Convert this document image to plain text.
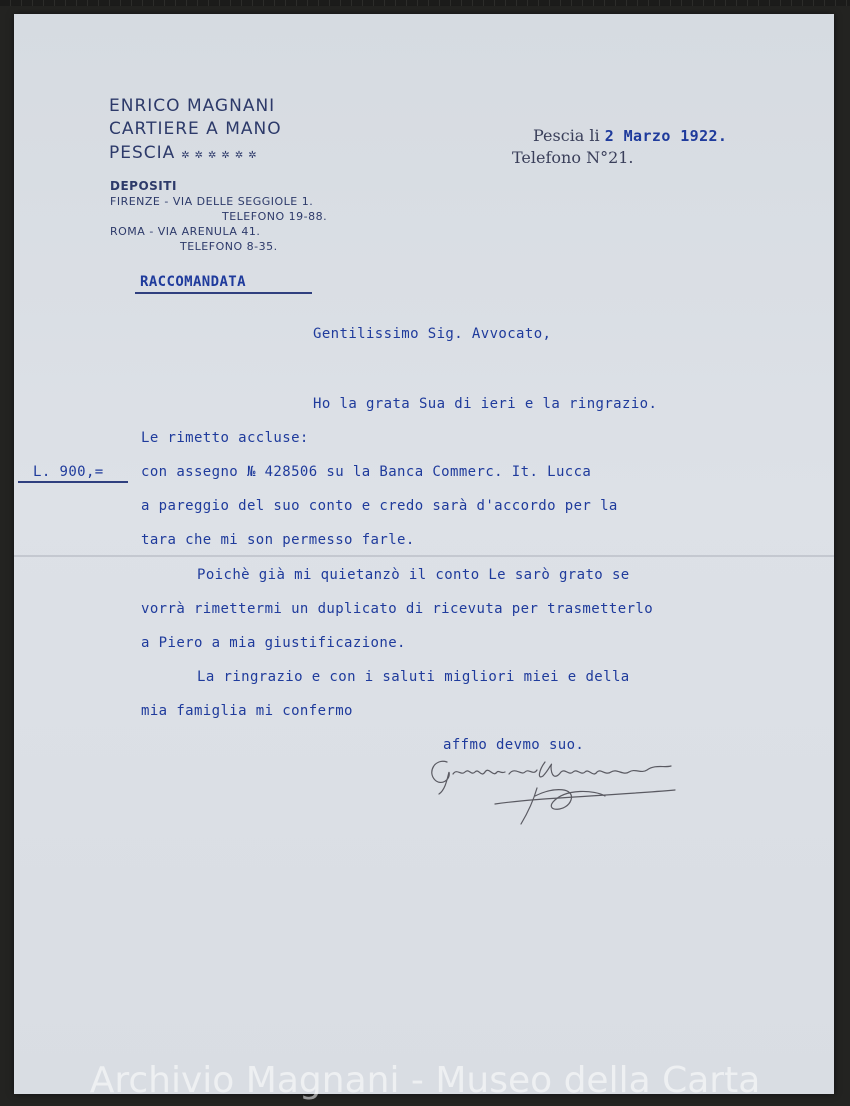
ENRICO MAGNANI
CARTIERE A MANO
PESCIA ✲✲✲✲✲✲
DEPOSITI
FIRENZE - VIA DELLE SEGGIOLE 1.
TELEFONO 19-88.
ROMA - VIA ARENULA 41.
TELEFONO 8-35.
Pescia li 2 Marzo 1922.
Telefono N°21.
RACCOMANDATA
Gentilissimo Sig. Avvocato,
Ho la grata Sua di ieri e la ringrazio.
Le rimetto accluse:
L. 900,=	con assegno № 428506 su la Banca Commerc. It. Lucca
a pareggio del suo conto e credo sarà d'accordo per la
tara che mi son permesso farle.
Poichè già mi quietanzò il conto Le sarò grato se
vorrà rimettermi un duplicato di ricevuta per trasmetterlo
a Piero a mia giustificazione.
La ringrazio e con i saluti migliori miei e della
mia famiglia mi confermo
affmo devmo suo.
Archivio Magnani - Museo della Carta
